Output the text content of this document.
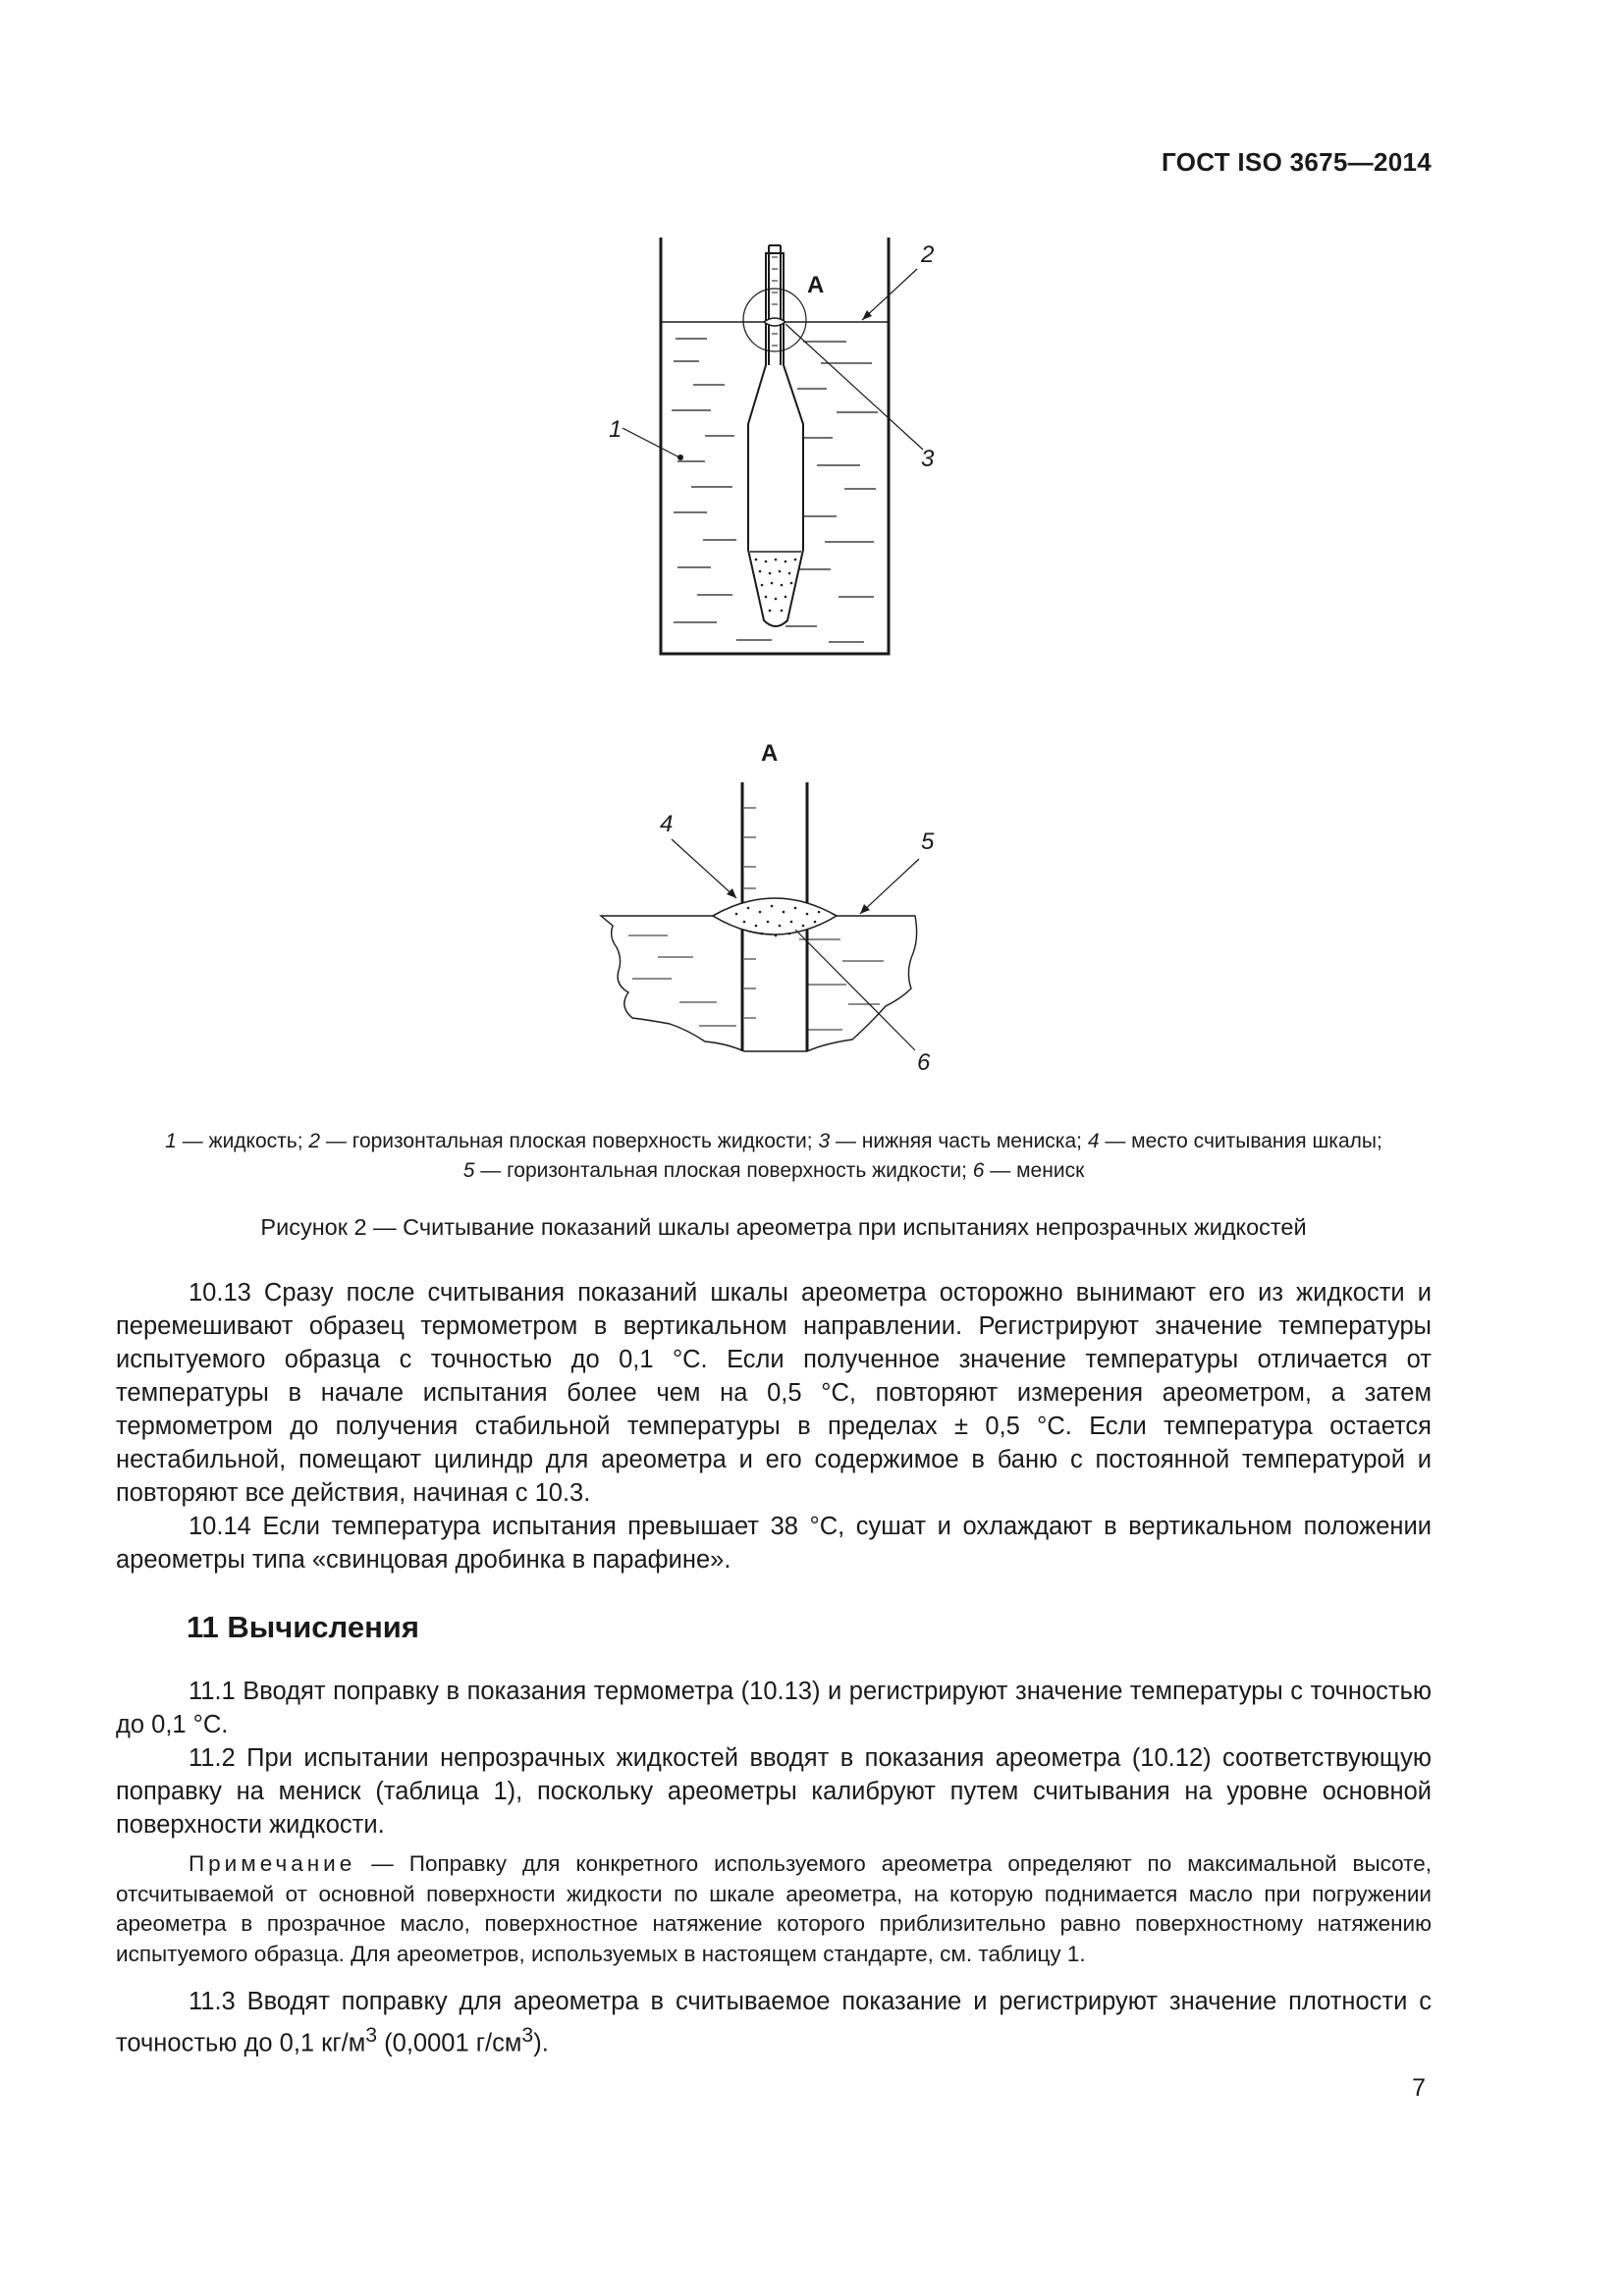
ГОСТ ISO 3675—2014
A
2
1
3
A
4
5
6
1 — жидкость; 2 — горизонтальная плоская поверхность жидкости; 3 — нижняя часть мениска; 4 — место считывания шкалы;
5 — горизонтальная плоская поверхность жидкости; 6 — мениск
Рисунок 2 — Считывание показаний шкалы ареометра при испытаниях непрозрачных жидкостей

10.13 Сразу после считывания показаний шкалы ареометра осторожно вынимают его из жидкости и перемешивают образец термометром в вертикальном направлении. Регистрируют значение температуры испытуемого образца с точностью до 0,1 °С. Если полученное значение температуры отличается от температуры в начале испытания более чем на 0,5 °С, повторяют измерения ареометром, а затем термометром до получения стабильной температуры в пределах ± 0,5 °С. Если температура остается нестабильной, помещают цилиндр для ареометра и его содержимое в баню с постоянной температурой и повторяют все действия, начиная с 10.3.

10.14 Если температура испытания превышает 38 °С, сушат и охлаждают в вертикальном положении ареометры типа «свинцовая дробинка в парафине».

11 Вычисления

11.1 Вводят поправку в показания термометра (10.13) и регистрируют значение температуры с точностью до 0,1 °С.

11.2 При испытании непрозрачных жидкостей вводят в показания ареометра (10.12) соответствующую поправку на мениск (таблица 1), поскольку ареометры калибруют путем считывания на уровне основной поверхности жидкости.

Примечание — Поправку для конкретного используемого ареометра определяют по максимальной высоте, отсчитываемой от основной поверхности жидкости по шкале ареометра, на которую поднимается масло при погружении ареометра в прозрачное масло, поверхностное натяжение которого приблизительно равно поверхностному натяжению испытуемого образца. Для ареометров, используемых в настоящем стандарте, см. таблицу 1.

11.3 Вводят поправку для ареометра в считываемое показание и регистрируют значение плотности с точностью до 0,1 $кг/м^3$ (0,0001 $г/см^3$).

7
